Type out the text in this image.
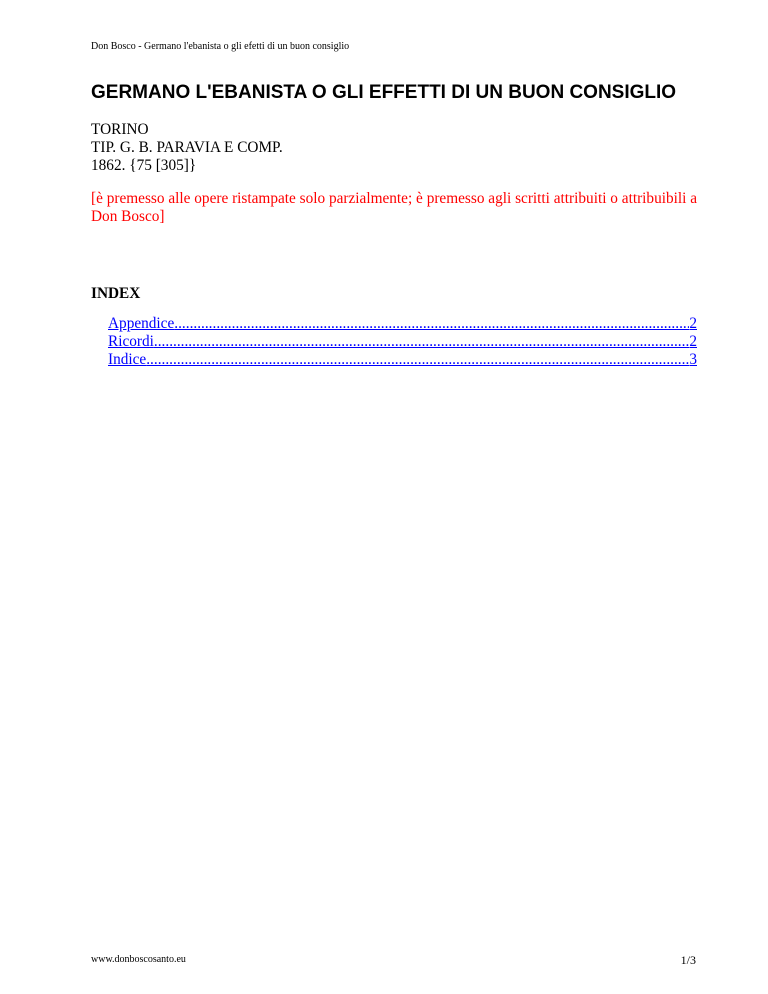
Don Bosco - Germano l'ebanista o gli efetti di un buon consiglio
GERMANO L'EBANISTA O GLI EFFETTI DI UN BUON CONSIGLIO
TORINO
TIP. G. B. PARAVIA E COMP.
1862. {75 [305]}
[è premesso alle opere ristampate solo parzialmente; è premesso agli scritti attribuiti o attribuibili a Don Bosco]
INDEX
Appendice .....	2
Ricordi .....	2
Indice .....	3
www.donboscosanto.eu	1/3
